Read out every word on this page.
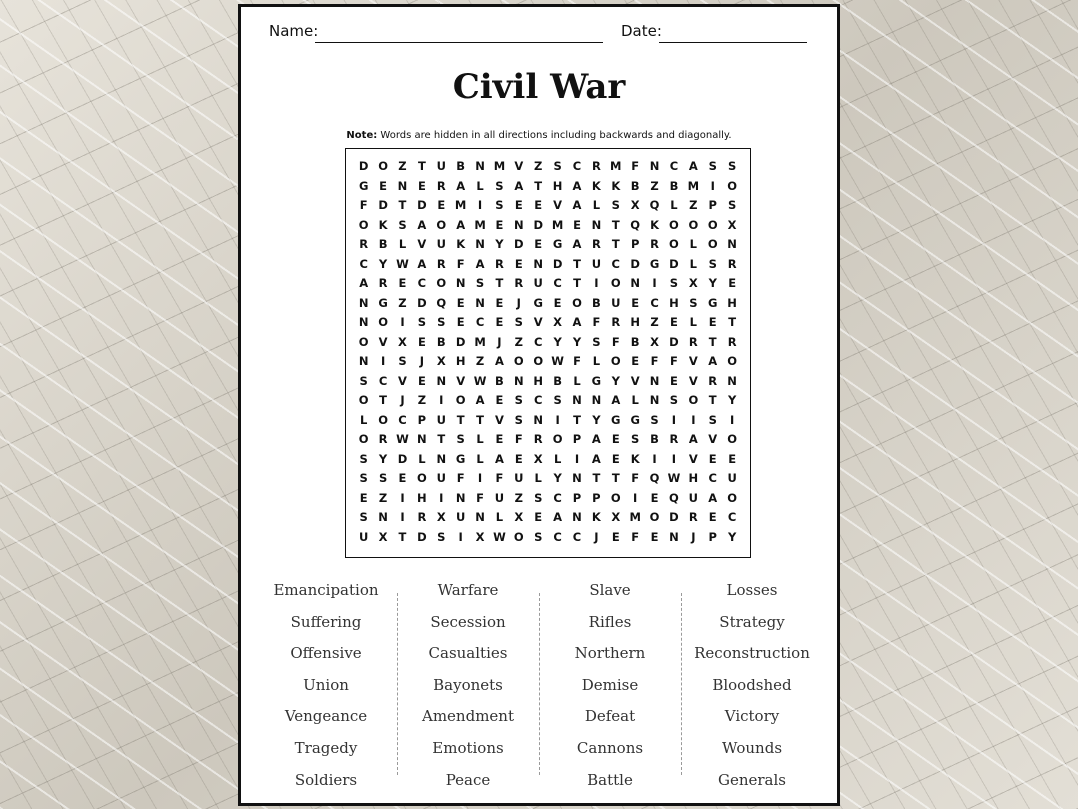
Name:	Date:
Civil War
Note: Words are hidden in all directions including backwards and diagonally.
D O Z T U B N M V Z S C R M F N C A S S
G E N E R A L	S A T H A K K B Z B M	I	O
F D T D E M	I	S E	E V A L	S X Q L	Z P S
O K S A O A M E N D M E N T Q K O O O X
R B L V U K N Y D E G A R T P R O L O N
C Y W A R F A R E N D T U C D G D L	S R
A R E C O N S T R U C T	I	O N	I	S X Y E
N G Z D Q E N E	J	G E O B U E C H S G H
N O	I	S S E C E S V X A F R H Z E	L	E	T
O V X E B D M	J	Z C Y Y S F B X D R T R
N	I	S	J	X H Z A O O W F	L O E	F	F V A O
S C V E N V W B N H B L G Y V N E V R N
O T	J	Z	I	O A E S C S N N A L N S O T Y
L O C P U T	T V S N	I	T Y G G S	I	I	S	I
O R W N T S	L	E	F R O P A E S B R A V O
S Y D L N G L A E X L	I	A E K	I	I	V E	E
S S E O U F	I	F U L	Y N T	T	F Q W H C U
E Z	I	H	I	N F U Z S C P P O	I	E Q U A O
S N	I	R X U N L X E A N K X M O D R E C
U X T D S	I	X W O S C C	J	E	F	E N	J	P Y
Emancipation
Suffering
Offensive
Union
Vengeance
Tragedy
Soldiers
Warfare
Secession
Casualties
Bayonets
Amendment
Emotions
Peace
Slave
Rifles
Northern
Demise
Defeat
Cannons
Battle
Losses
Strategy
Reconstruction
Bloodshed
Victory
Wounds
Generals
